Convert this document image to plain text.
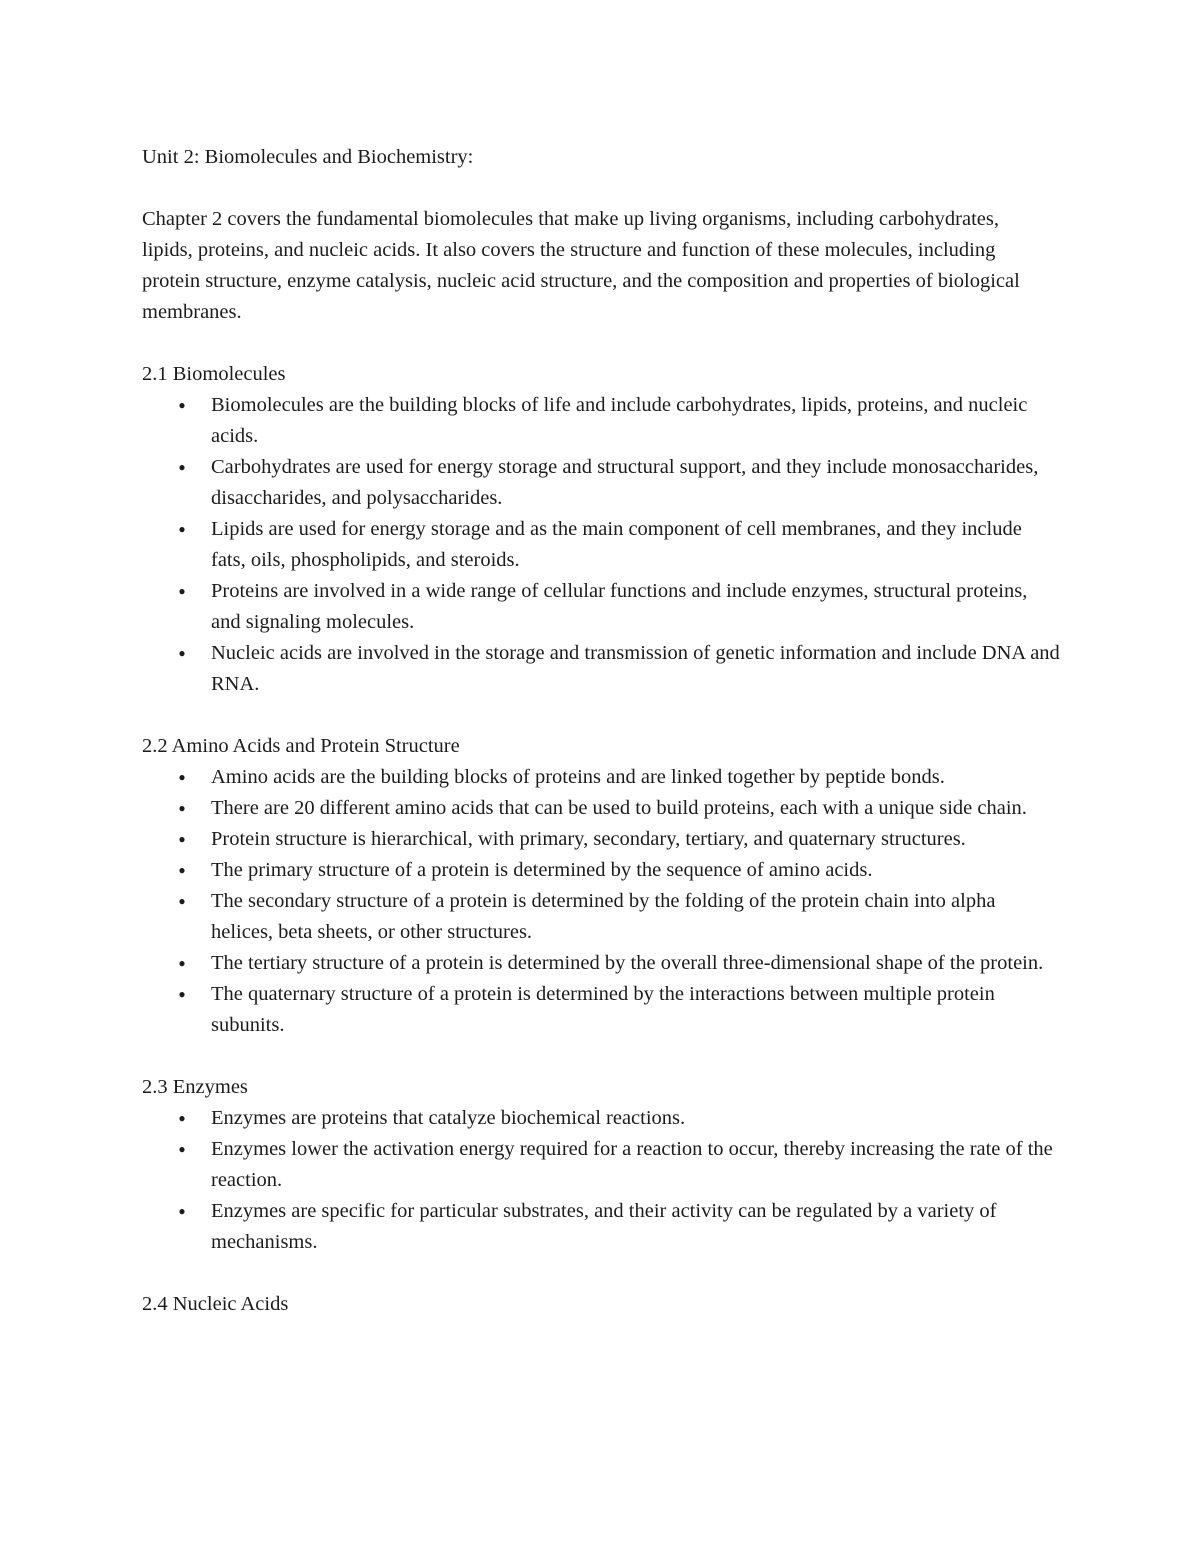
Unit 2: Biomolecules and Biochemistry:

Chapter 2 covers the fundamental biomolecules that make up living organisms, including carbohydrates, lipids, proteins, and nucleic acids. It also covers the structure and function of these molecules, including protein structure, enzyme catalysis, nucleic acid structure, and the composition and properties of biological membranes.

2.1 Biomolecules

● Biomolecules are the building blocks of life and include carbohydrates, lipids, proteins, and nucleic acids.
● Carbohydrates are used for energy storage and structural support, and they include monosaccharides, disaccharides, and polysaccharides.
● Lipids are used for energy storage and as the main component of cell membranes, and they include fats, oils, phospholipids, and steroids.
● Proteins are involved in a wide range of cellular functions and include enzymes, structural proteins, and signaling molecules.
● Nucleic acids are involved in the storage and transmission of genetic information and include DNA and RNA.

2.2 Amino Acids and Protein Structure

● Amino acids are the building blocks of proteins and are linked together by peptide bonds.
● There are 20 different amino acids that can be used to build proteins, each with a unique side chain.
● Protein structure is hierarchical, with primary, secondary, tertiary, and quaternary structures.
● The primary structure of a protein is determined by the sequence of amino acids.
● The secondary structure of a protein is determined by the folding of the protein chain into alpha helices, beta sheets, or other structures.
● The tertiary structure of a protein is determined by the overall three-dimensional shape of the protein.
● The quaternary structure of a protein is determined by the interactions between multiple protein subunits.

2.3 Enzymes

● Enzymes are proteins that catalyze biochemical reactions.
● Enzymes lower the activation energy required for a reaction to occur, thereby increasing the rate of the reaction.
● Enzymes are specific for particular substrates, and their activity can be regulated by a variety of mechanisms.

2.4 Nucleic Acids
